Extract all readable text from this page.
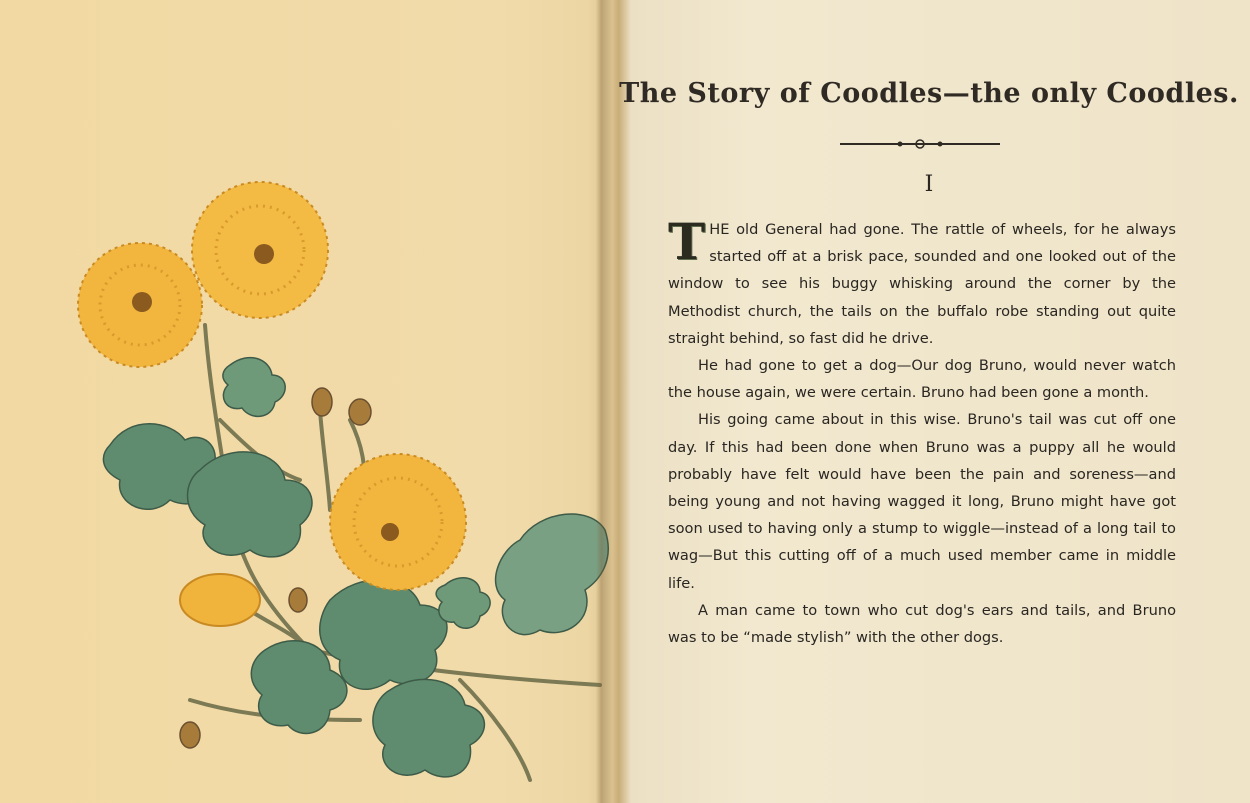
The Story of Coodles—the only Coodles.
I

THE old General had gone. The rattle of wheels, for he always started off at a brisk pace, sounded and one looked out of the window to see his buggy whisking around the corner by the Methodist church, the tails on the buffalo robe standing out quite straight behind, so fast did he drive.

He had gone to get a dog—Our dog Bruno, would never watch the house again, we were certain. Bruno had been gone a month.

His going came about in this wise. Bruno's tail was cut off one day. If this had been done when Bruno was a puppy all he would probably have felt would have been the pain and soreness—and being young and not having wagged it long, Bruno might have got soon used to having only a stump to wiggle—instead of a long tail to wag—But this cutting off of a much used member came in middle life.

A man came to town who cut dog's ears and tails, and Bruno was to be “made stylish” with the other dogs.
